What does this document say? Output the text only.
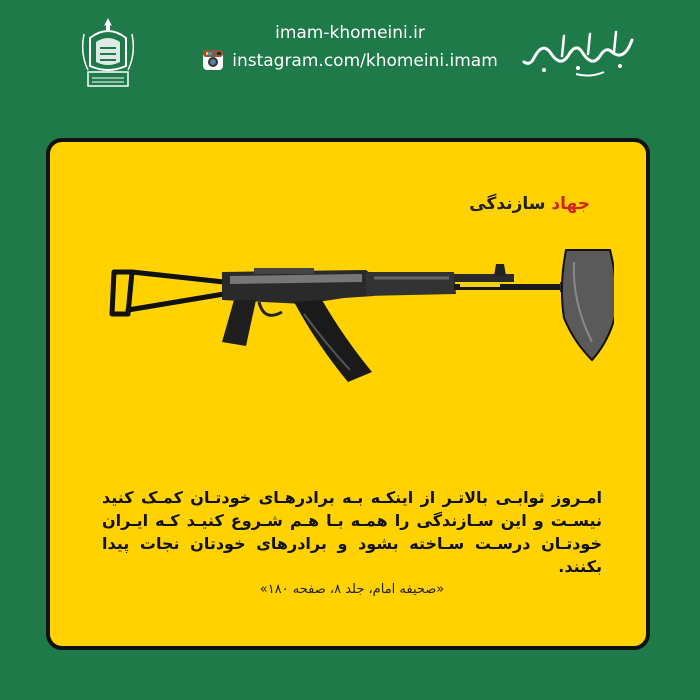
imam-khomeini.ir
instagram.com/khomeini.imam
جهاد سازندگی
امـروز ثوابـی بالاتـر از اینکـه بـه برادرهـای خودتـان کمـک کنید نیسـت و این سـازندگی را همـه بـا هـم شـروع کنیـد کـه ایـران خودتـان درسـت سـاخته بشود و برادرهای خودتان نجات پیدا بکنند.
«صحیفه امام، جلد ۸، صفحه ۱۸۰»
